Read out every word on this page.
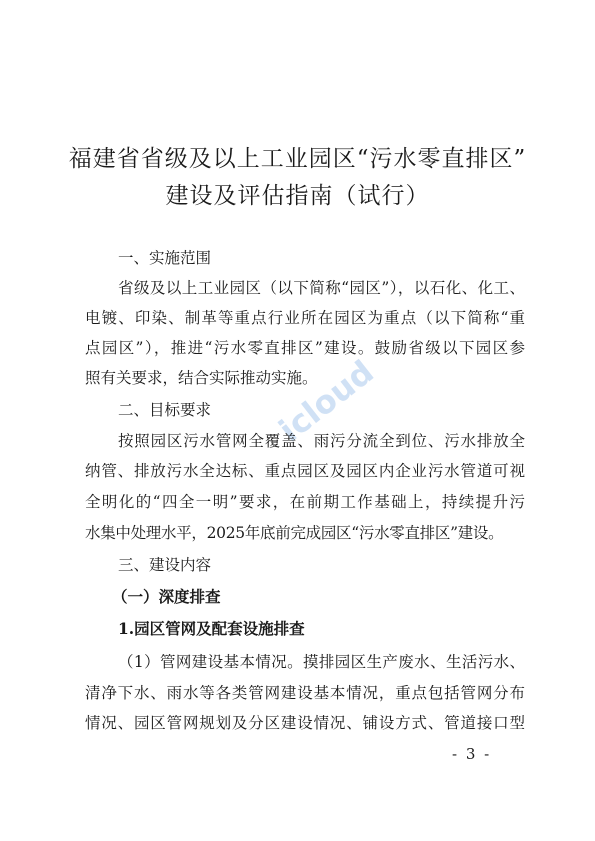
icloud
福建省省级及以上工业园区“污水零直排区”
建设及评估指南（试行）
一、实施范围
省级及以上工业园区（以下简称“园区”），以石化、化工、
电镀、印染、制革等重点行业所在园区为重点（以下简称“重
点园区”），推进“污水零直排区”建设。鼓励省级以下园区参
照有关要求，结合实际推动实施。
二、目标要求
按照园区污水管网全覆盖、雨污分流全到位、污水排放全
纳管、排放污水全达标、重点园区及园区内企业污水管道可视
全明化的“四全一明”要求，在前期工作基础上，持续提升污
水集中处理水平，2025年底前完成园区“污水零直排区”建设。
三、建设内容
（一）深度排查
1.园区管网及配套设施排查
（1）管网建设基本情况。摸排园区生产废水、生活污水、
清净下水、雨水等各类管网建设基本情况，重点包括管网分布
情况、园区管网规划及分区建设情况、铺设方式、管道接口型
- 3 -
